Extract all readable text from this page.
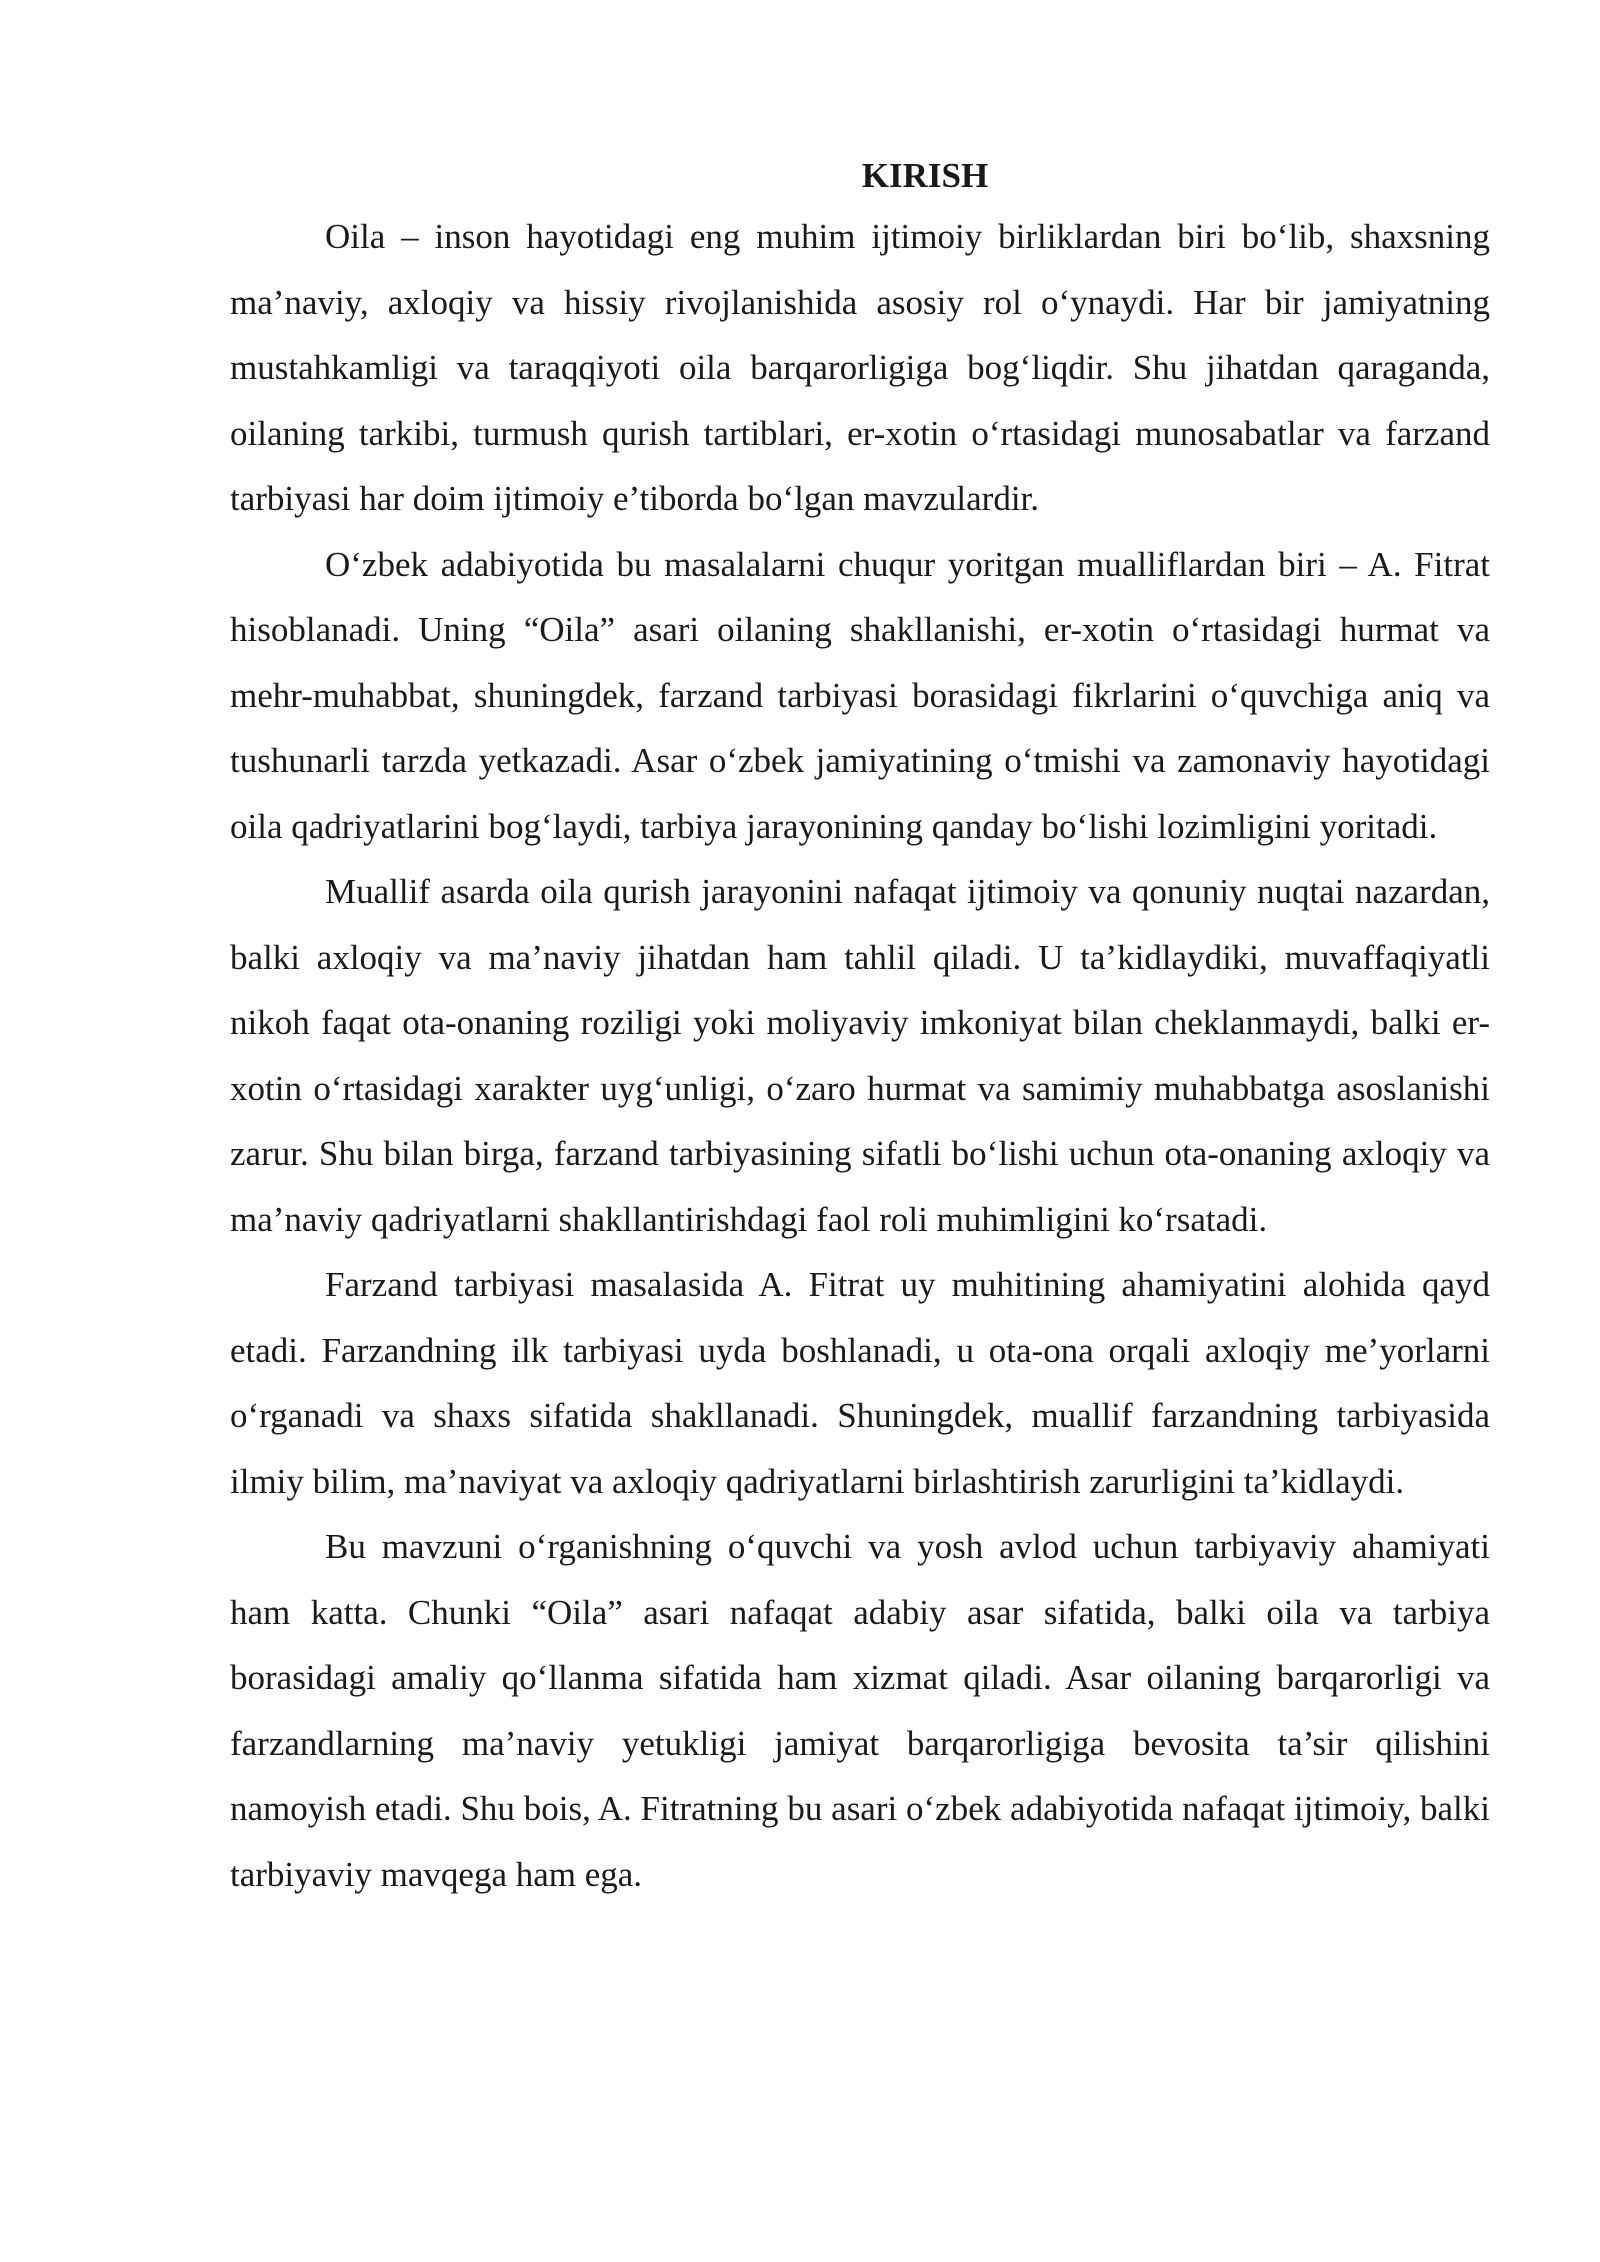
KIRISH

Oila – inson hayotidagi eng muhim ijtimoiy birliklardan biri bo‘lib, shaxsning ma’naviy, axloqiy va hissiy rivojlanishida asosiy rol o‘ynaydi. Har bir jamiyatning mustahkamligi va taraqqiyoti oila barqarorligiga bog‘liqdir. Shu jihatdan qaraganda, oilaning tarkibi, turmush qurish tartiblari, er-xotin o‘rtasidagi munosabatlar va farzand tarbiyasi har doim ijtimoiy e’tiborda bo‘lgan mavzulardir.

O‘zbek adabiyotida bu masalalarni chuqur yoritgan mualliflardan biri – A. Fitrat hisoblanadi. Uning “Oila” asari oilaning shakllanishi, er-xotin o‘rtasidagi hurmat va mehr-muhabbat, shuningdek, farzand tarbiyasi borasidagi fikrlarini o‘quvchiga aniq va tushunarli tarzda yetkazadi. Asar o‘zbek jamiyatining o‘tmishi va zamonaviy hayotidagi oila qadriyatlarini bog‘laydi, tarbiya jarayonining qanday bo‘lishi lozimligini yoritadi.

Muallif asarda oila qurish jarayonini nafaqat ijtimoiy va qonuniy nuqtai nazardan, balki axloqiy va ma’naviy jihatdan ham tahlil qiladi. U ta’kidlaydiki, muvaffaqiyatli nikoh faqat ota-onaning roziligi yoki moliyaviy imkoniyat bilan cheklanmaydi, balki er-xotin o‘rtasidagi xarakter uyg‘unligi, o‘zaro hurmat va samimiy muhabbatga asoslanishi zarur. Shu bilan birga, farzand tarbiyasining sifatli bo‘lishi uchun ota-onaning axloqiy va ma’naviy qadriyatlarni shakllantirishdagi faol roli muhimligini ko‘rsatadi.

Farzand tarbiyasi masalasida A. Fitrat uy muhitining ahamiyatini alohida qayd etadi. Farzandning ilk tarbiyasi uyda boshlanadi, u ota-ona orqali axloqiy me’yorlarni o‘rganadi va shaxs sifatida shakllanadi. Shuningdek, muallif farzandning tarbiyasida ilmiy bilim, ma’naviyat va axloqiy qadriyatlarni birlashtirish zarurligini ta’kidlaydi.

Bu mavzuni o‘rganishning o‘quvchi va yosh avlod uchun tarbiyaviy ahamiyati ham katta. Chunki “Oila” asari nafaqat adabiy asar sifatida, balki oila va tarbiya borasidagi amaliy qo‘llanma sifatida ham xizmat qiladi. Asar oilaning barqarorligi va farzandlarning ma’naviy yetukligi jamiyat barqarorligiga bevosita ta’sir qilishini namoyish etadi. Shu bois, A. Fitratning bu asari o‘zbek adabiyotida nafaqat ijtimoiy, balki tarbiyaviy mavqega ham ega.
